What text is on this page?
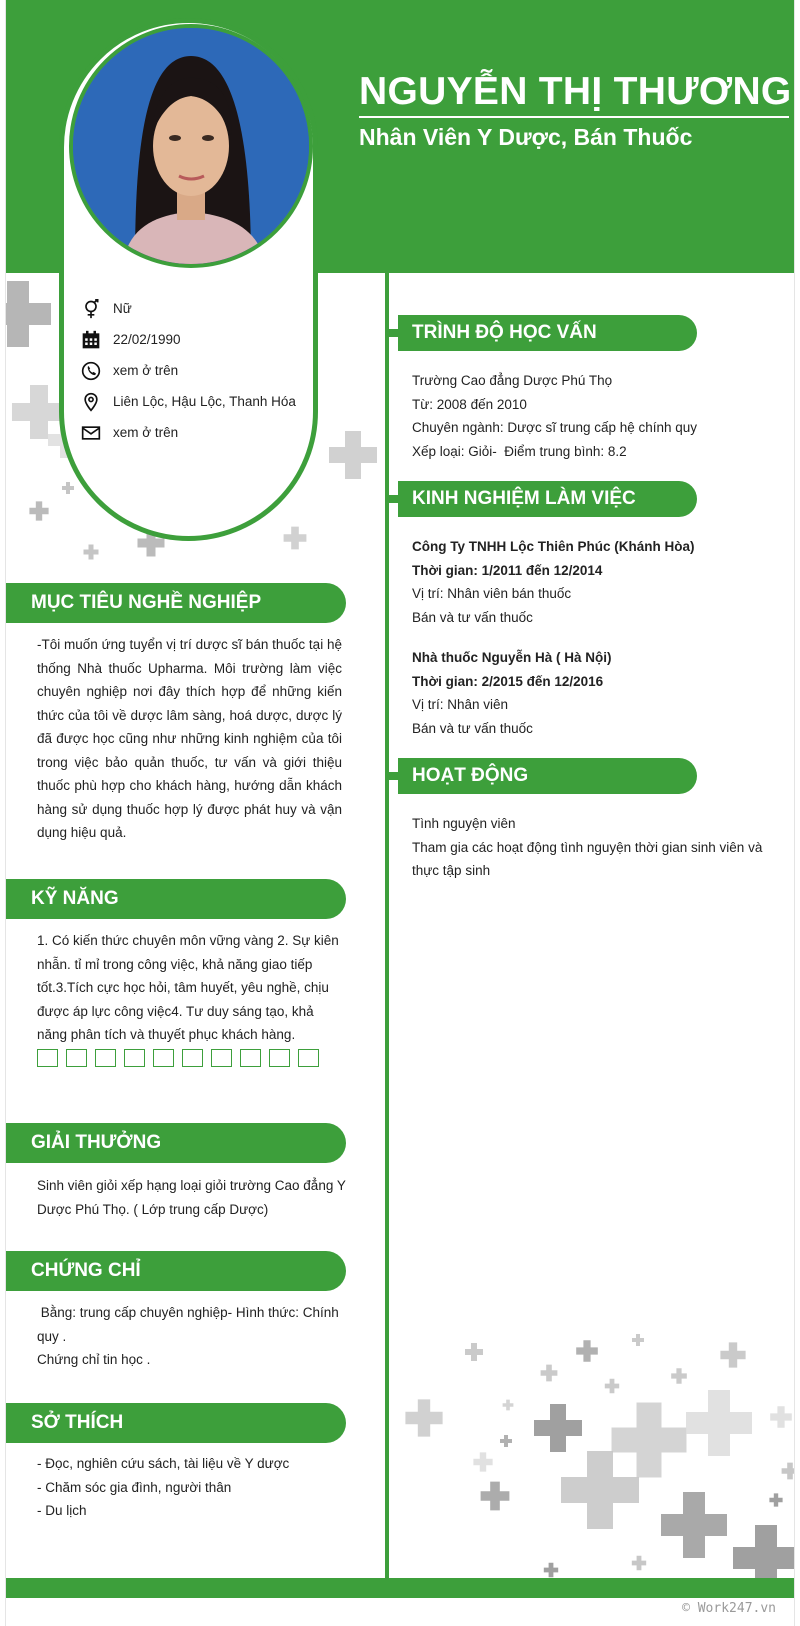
NGUYỄN THỊ THƯƠNG
Nhân Viên Y Dược, Bán Thuốc
Nữ
22/02/1990
xem ở trên
Liên Lộc, Hậu Lộc, Thanh Hóa
xem ở trên
MỤC TIÊU NGHỀ NGHIỆP
-Tôi muốn ứng tuyển vị trí dược sĩ bán thuốc tại hệ thống Nhà thuốc Upharma. Môi trường làm việc chuyên nghiệp nơi đây thích hợp để những kiến thức của tôi về dược lâm sàng, hoá dược, dược lý đã được học cũng như những kinh nghiệm của tôi trong việc bảo quản thuốc, tư vấn và giới thiệu thuốc phù hợp cho khách hàng, hướng dẫn khách hàng sử dụng thuốc hợp lý được phát huy và vận dụng hiệu quả.
KỸ NĂNG
1. Có kiến thức chuyên môn vững vàng 2. Sự kiên nhẫn. tỉ mỉ trong công việc, khả năng giao tiếp tốt.3.Tích cực học hỏi, tâm huyết, yêu nghề, chịu được áp lực công việc4. Tư duy sáng tạo, khả năng phân tích và thuyết phục khách hàng.
GIẢI THƯỞNG
Sinh viên giỏi xếp hạng loại giỏi trường Cao đẳng Y Dược Phú Thọ. ( Lớp trung cấp Dược)
CHỨNG CHỈ
Bằng: trung cấp chuyên nghiệp- Hình thức: Chính quy .
Chứng chỉ tin học .
SỞ THÍCH
- Đọc, nghiên cứu sách, tài liệu về Y dược
- Chăm sóc gia đình, người thân
- Du lịch
TRÌNH ĐỘ HỌC VẤN
Trường Cao đẳng Dược Phú Thọ
Từ: 2008 đến 2010
Chuyên ngành: Dược sĩ trung cấp hệ chính quy
Xếp loại: Giỏi-  Điểm trung bình: 8.2
KINH NGHIỆM LÀM VIỆC
Công Ty TNHH Lộc Thiên Phúc (Khánh Hòa)
Thời gian: 1/2011 đến 12/2014
Vị trí: Nhân viên bán thuốc
Bán và tư vấn thuốc
Nhà thuốc Nguyễn Hà ( Hà Nội)
Thời gian: 2/2015 đến 12/2016
Vị trí: Nhân viên
Bán và tư vấn thuốc
HOẠT ĐỘNG
Tình nguyện viên
Tham gia các hoạt động tình nguyện thời gian sinh viên và thực tập sinh
© Work247.vn
